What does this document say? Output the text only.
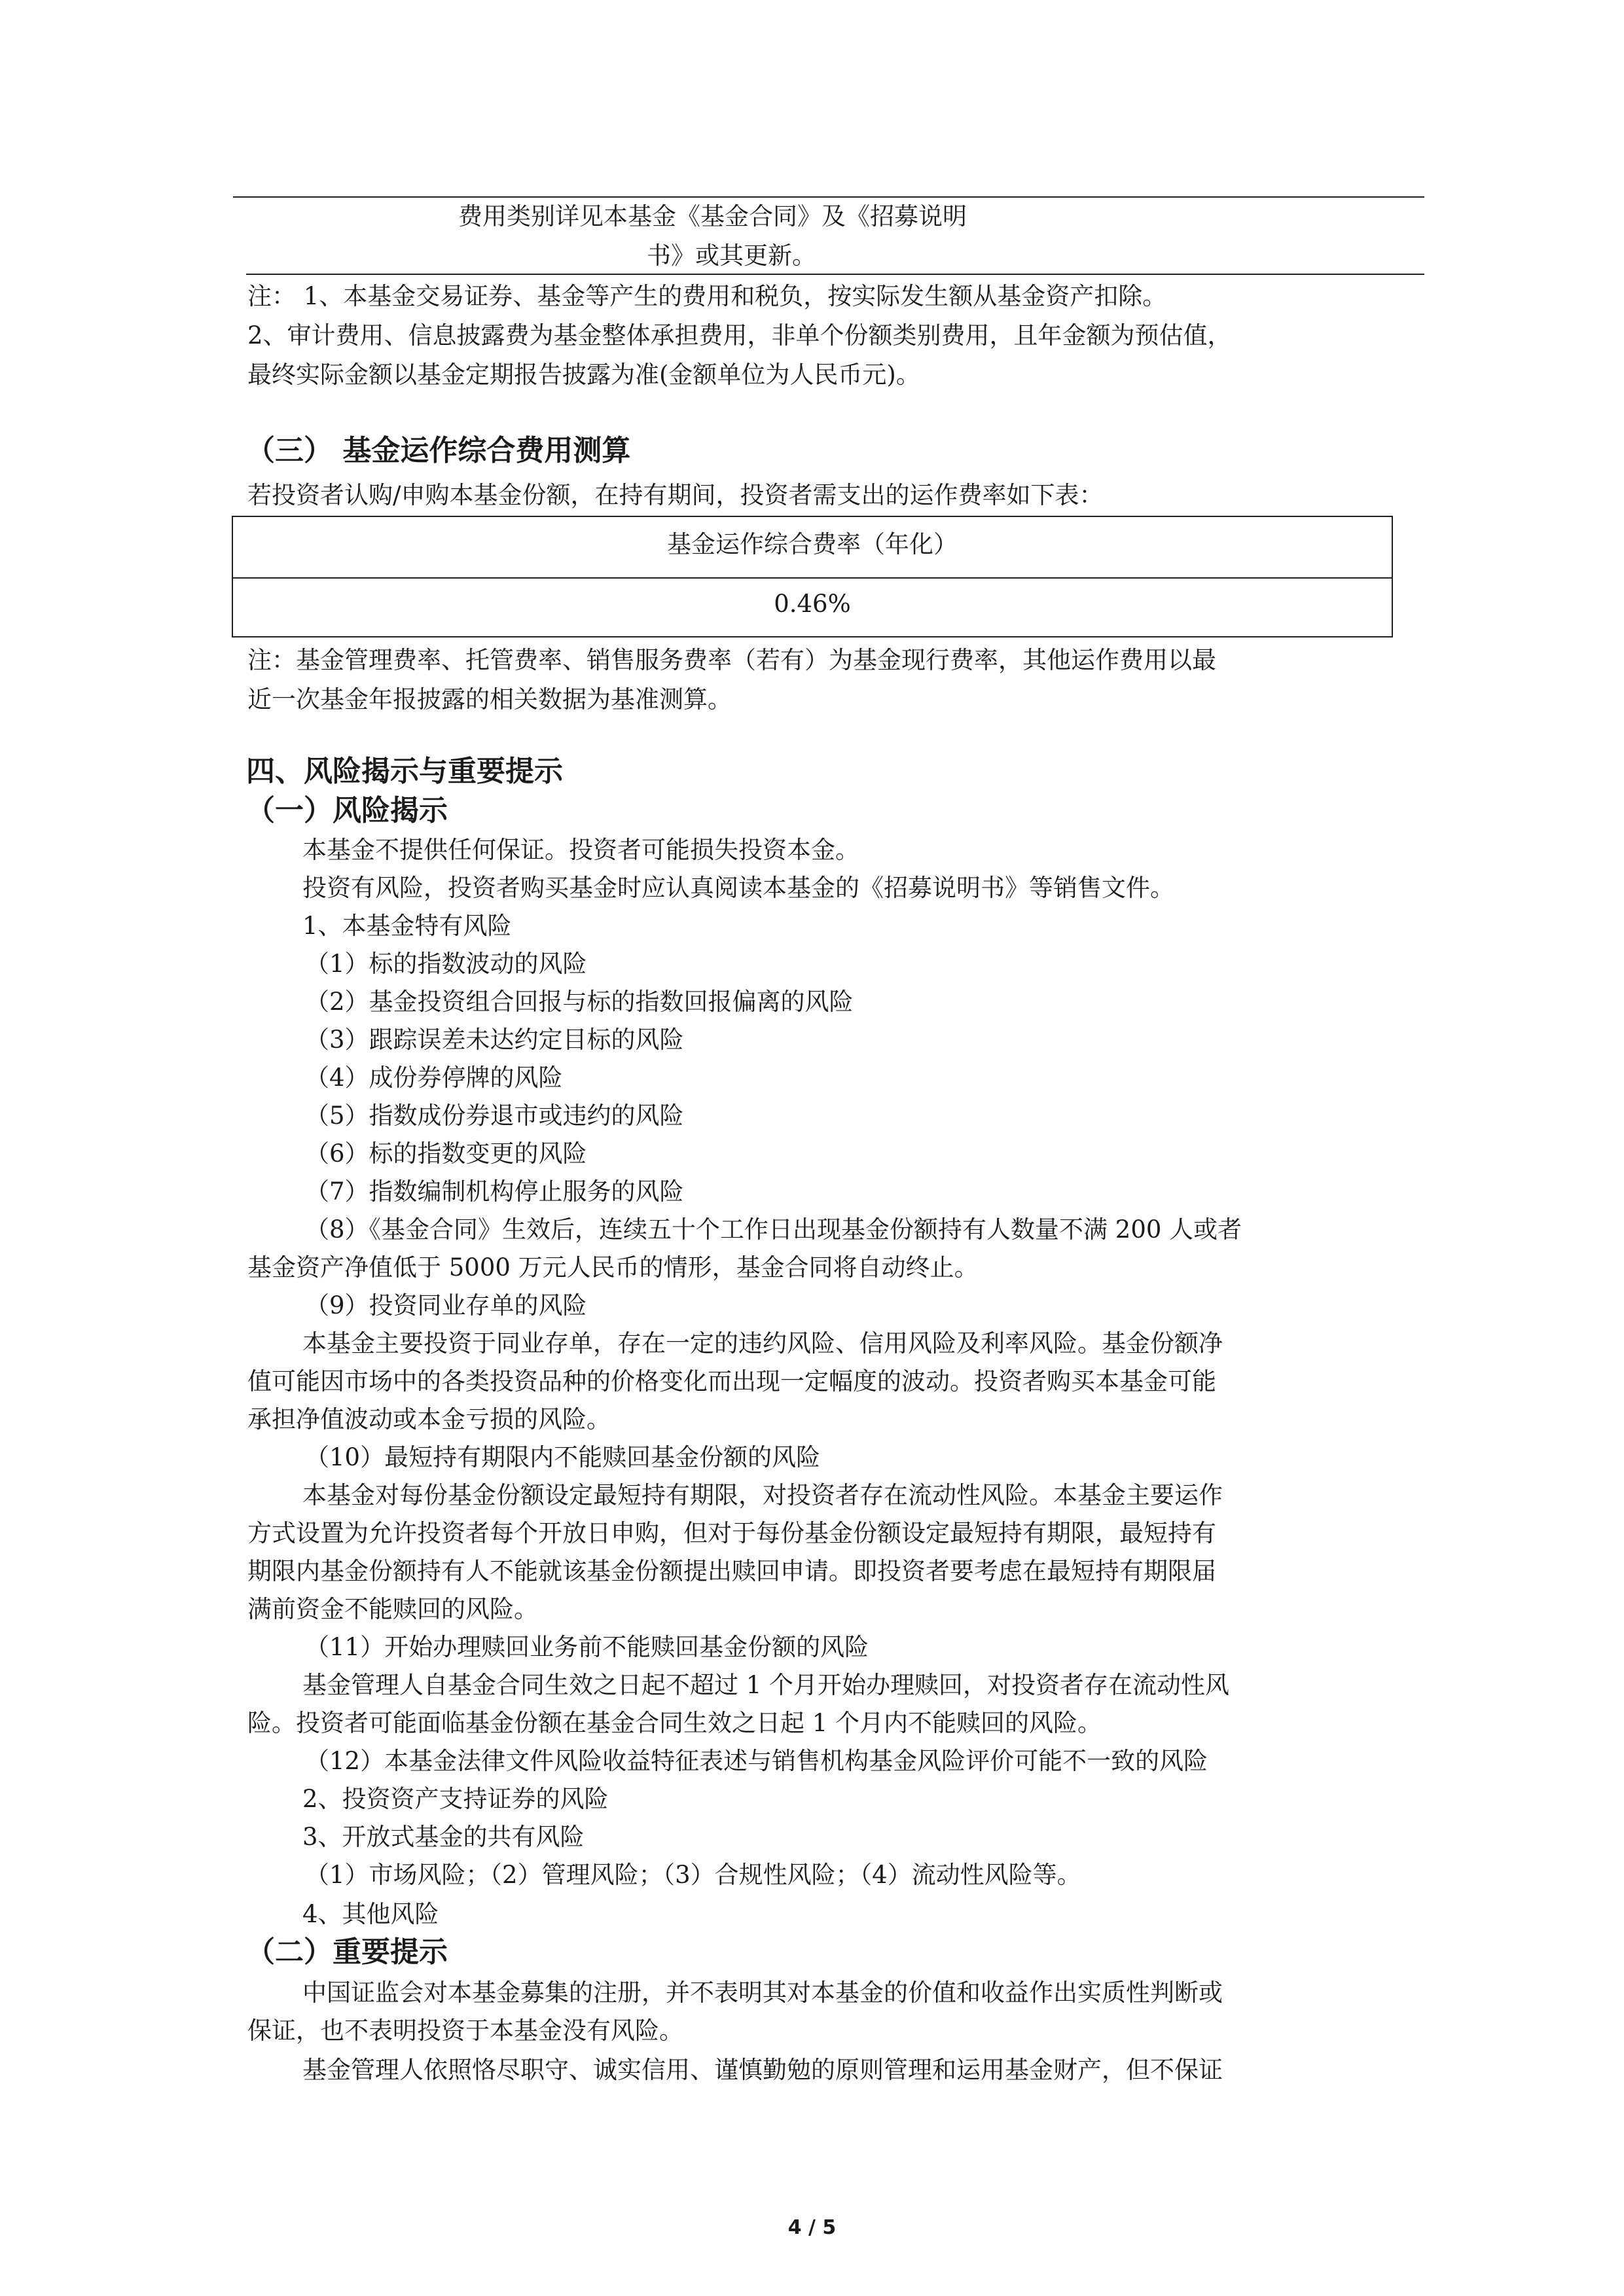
费用类别详见本基金《基金合同》及《招募说明
书》或其更新。
注： 1、本基金交易证券、基金等产生的费用和税负，按实际发生额从基金资产扣除。
2、审计费用、信息披露费为基金整体承担费用，非单个份额类别费用，且年金额为预估值，
最终实际金额以基金定期报告披露为准(金额单位为人民币元)。
（三） 基金运作综合费用测算
若投资者认购/申购本基金份额，在持有期间，投资者需支出的运作费率如下表：
基金运作综合费率（年化）
0.46%
注：基金管理费率、托管费率、销售服务费率（若有）为基金现行费率，其他运作费用以最
近一次基金年报披露的相关数据为基准测算。
四、风险揭示与重要提示
（一）风险揭示
本基金不提供任何保证。投资者可能损失投资本金。
投资有风险，投资者购买基金时应认真阅读本基金的《招募说明书》等销售文件。
1、本基金特有风险
（1）标的指数波动的风险
（2）基金投资组合回报与标的指数回报偏离的风险
（3）跟踪误差未达约定目标的风险
（4）成份券停牌的风险
（5）指数成份券退市或违约的风险
（6）标的指数变更的风险
（7）指数编制机构停止服务的风险
（8）《基金合同》生效后，连续五十个工作日出现基金份额持有人数量不满 200 人或者
基金资产净值低于 5000 万元人民币的情形，基金合同将自动终止。
（9）投资同业存单的风险
本基金主要投资于同业存单，存在一定的违约风险、信用风险及利率风险。基金份额净
值可能因市场中的各类投资品种的价格变化而出现一定幅度的波动。投资者购买本基金可能
承担净值波动或本金亏损的风险。
（10）最短持有期限内不能赎回基金份额的风险
本基金对每份基金份额设定最短持有期限，对投资者存在流动性风险。本基金主要运作
方式设置为允许投资者每个开放日申购，但对于每份基金份额设定最短持有期限，最短持有
期限内基金份额持有人不能就该基金份额提出赎回申请。即投资者要考虑在最短持有期限届
满前资金不能赎回的风险。
（11）开始办理赎回业务前不能赎回基金份额的风险
基金管理人自基金合同生效之日起不超过 1 个月开始办理赎回，对投资者存在流动性风
险。投资者可能面临基金份额在基金合同生效之日起 1 个月内不能赎回的风险。
（12）本基金法律文件风险收益特征表述与销售机构基金风险评价可能不一致的风险
2、投资资产支持证券的风险
3、开放式基金的共有风险
（1）市场风险；（2）管理风险；（3）合规性风险；（4）流动性风险等。
4、其他风险
（二）重要提示
中国证监会对本基金募集的注册，并不表明其对本基金的价值和收益作出实质性判断或
保证，也不表明投资于本基金没有风险。
基金管理人依照恪尽职守、诚实信用、谨慎勤勉的原则管理和运用基金财产，但不保证
4 / 5
